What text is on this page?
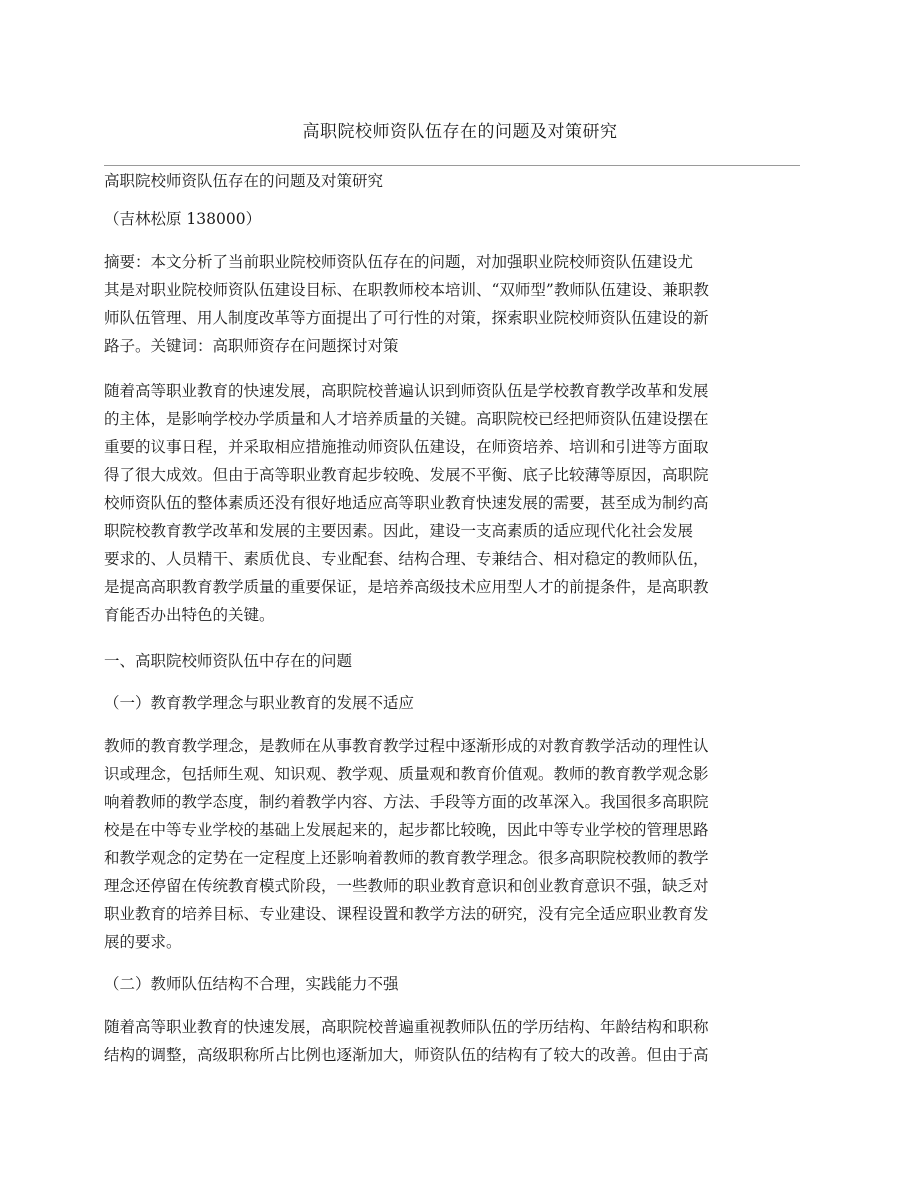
高职院校师资队伍存在的问题及对策研究
高职院校师资队伍存在的问题及对策研究
（吉林松原 138000）
摘要：本文分析了当前职业院校师资队伍存在的问题，对加强职业院校师资队伍建设尤
其是对职业院校师资队伍建设目标、在职教师校本培训、“双师型”教师队伍建设、兼职教
师队伍管理、用人制度改革等方面提出了可行性的对策，探索职业院校师资队伍建设的新
路子。关键词：高职师资存在问题探讨对策
随着高等职业教育的快速发展，高职院校普遍认识到师资队伍是学校教育教学改革和发展
的主体，是影响学校办学质量和人才培养质量的关键。高职院校已经把师资队伍建设摆在
重要的议事日程，并采取相应措施推动师资队伍建设，在师资培养、培训和引进等方面取
得了很大成效。但由于高等职业教育起步较晚、发展不平衡、底子比较薄等原因，高职院
校师资队伍的整体素质还没有很好地适应高等职业教育快速发展的需要，甚至成为制约高
职院校教育教学改革和发展的主要因素。因此，建设一支高素质的适应现代化社会发展
要求的、人员精干、素质优良、专业配套、结构合理、专兼结合、相对稳定的教师队伍，
是提高高职教育教学质量的重要保证，是培养高级技术应用型人才的前提条件，是高职教
育能否办出特色的关键。
一、高职院校师资队伍中存在的问题
（一）教育教学理念与职业教育的发展不适应
教师的教育教学理念，是教师在从事教育教学过程中逐渐形成的对教育教学活动的理性认
识或理念，包括师生观、知识观、教学观、质量观和教育价值观。教师的教育教学观念影
响着教师的教学态度，制约着教学内容、方法、手段等方面的改革深入。我国很多高职院
校是在中等专业学校的基础上发展起来的，起步都比较晚，因此中等专业学校的管理思路
和教学观念的定势在一定程度上还影响着教师的教育教学理念。很多高职院校教师的教学
理念还停留在传统教育模式阶段，一些教师的职业教育意识和创业教育意识不强，缺乏对
职业教育的培养目标、专业建设、课程设置和教学方法的研究，没有完全适应职业教育发
展的要求。
（二）教师队伍结构不合理，实践能力不强
随着高等职业教育的快速发展，高职院校普遍重视教师队伍的学历结构、年龄结构和职称
结构的调整，高级职称所占比例也逐渐加大，师资队伍的结构有了较大的改善。但由于高
